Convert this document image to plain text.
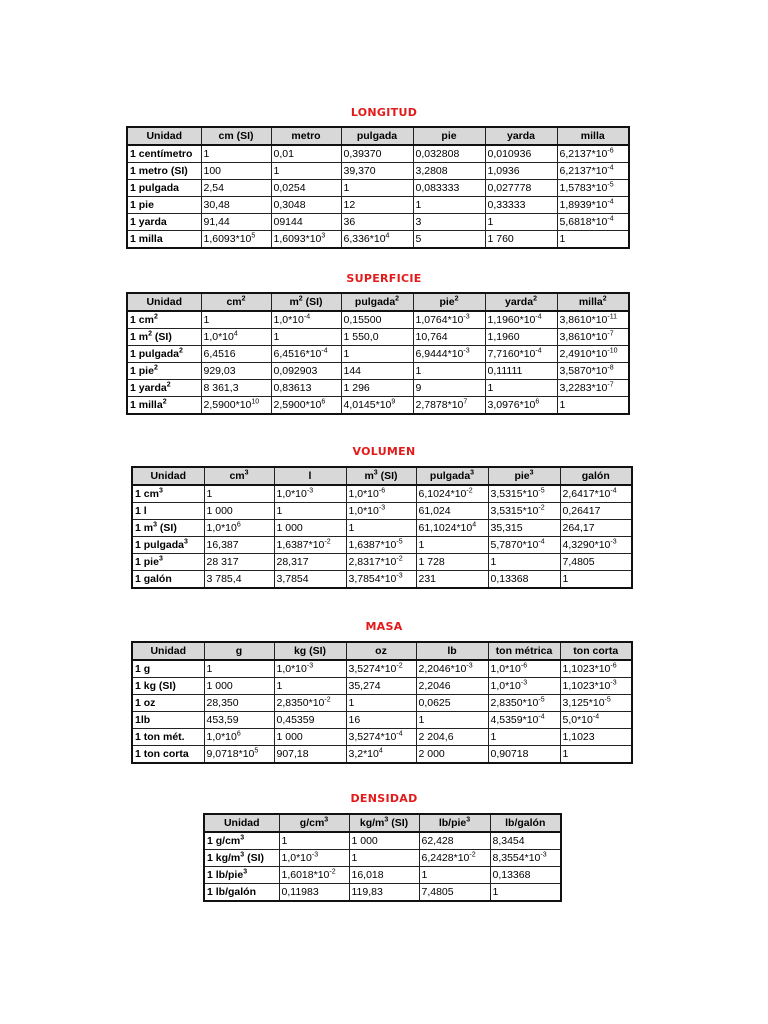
LONGITUD
Unidad	cm (SI)	metro	pulgada	pie	yarda	milla
1 centímetro	1	0,01	0,39370	0,032808	0,010936	$6,2137*10^{-6}$
1 metro (SI)	100	1	39,370	3,2808	1,0936	$6,2137*10^{-4}$
1 pulgada	2,54	0,0254	1	0,083333	0,027778	$1,5783*10^{-5}$
1 pie	30,48	0,3048	12	1	0,33333	$1,8939*10^{-4}$
1 yarda	91,44	09144	36	3	1	$5,6818*10^{-4}$
1 milla	$1,6093*10^5$	$1,6093*10^3$	$6,336*10^4$	5	1 760	1
SUPERFICIE
Unidad	$cm^2$	$m^2$ (SI)	pulgada$^2$	pie$^2$	yarda$^2$	milla$^2$
1 $cm^2$	1	$1,0*10^{-4}$	0,15500	$1,0764*10^{-3}$	$1,1960*10^{-4}$	$3,8610*10^{-11}$
1 $m^2$ (SI)	$1,0*10^4$	1	1 550,0	10,764	1,1960	$3,8610*10^{-7}$
1 pulgada$^2$	6,4516	$6,4516*10^{-4}$	1	$6,9444*10^{-3}$	$7,7160*10^{-4}$	$2,4910*10^{-10}$
1 pie$^2$	929,03	0,092903	144	1	0,11111	$3,5870*10^{-8}$
1 yarda$^2$	8 361,3	0,83613	1 296	9	1	$3,2283*10^{-7}$
1 milla$^2$	$2,5900*10^{10}$	$2,5900*10^6$	$4,0145*10^9$	$2,7878*10^7$	$3,0976*10^6$	1
VOLUMEN
Unidad	$cm^3$	l	$m^3$ (SI)	pulgada$^3$	pie$^3$	galón
1 $cm^3$	1	$1,0*10^{-3}$	$1,0*10^{-6}$	$6,1024*10^{-2}$	$3,5315*10^{-5}$	$2,6417*10^{-4}$
1 l	1 000	1	$1,0*10^{-3}$	61,024	$3,5315*10^{-2}$	0,26417
1 $m^3$ (SI)	$1,0*10^6$	1 000	1	$61,1024*10^4$	35,315	264,17
1 pulgada$^3$	16,387	$1,6387*10^{-2}$	$1,6387*10^{-5}$	1	$5,7870*10^{-4}$	$4,3290*10^{-3}$
1 pie$^3$	28 317	28,317	$2,8317*10^{-2}$	1 728	1	7,4805
1 galón	3 785,4	3,7854	$3,7854*10^{-3}$	231	0,13368	1
MASA
Unidad	g	kg (SI)	oz	lb	ton métrica	ton corta
1 g	1	$1,0*10^{-3}$	$3,5274*10^{-2}$	$2,2046*10^{-3}$	$1,0*10^{-6}$	$1,1023*10^{-6}$
1 kg (SI)	1 000	1	35,274	2,2046	$1,0*10^{-3}$	$1,1023*10^{-3}$
1 oz	28,350	$2,8350*10^{-2}$	1	0,0625	$2,8350*10^{-5}$	$3,125*10^{-5}$
1lb	453,59	0,45359	16	1	$4,5359*10^{-4}$	$5,0*10^{-4}$
1 ton mét.	$1,0*10^6$	1 000	$3,5274*10^{-4}$	2 204,6	1	1,1023
1 ton corta	$9,0718*10^5$	907,18	$3,2*10^4$	2 000	0,90718	1
DENSIDAD
Unidad	$g/cm^3$	$kg/m^3$ (SI)	lb/pie$^3$	lb/galón
1 $g/cm^3$	1	1 000	62,428	8,3454
1 $kg/m^3$ (SI)	$1,0*10^{-3}$	1	$6,2428*10^{-2}$	$8,3554*10^{-3}$
1 lb/pie$^3$	$1,6018*10^{-2}$	16,018	1	0,13368
1 lb/galón	0,11983	119,83	7,4805	1
